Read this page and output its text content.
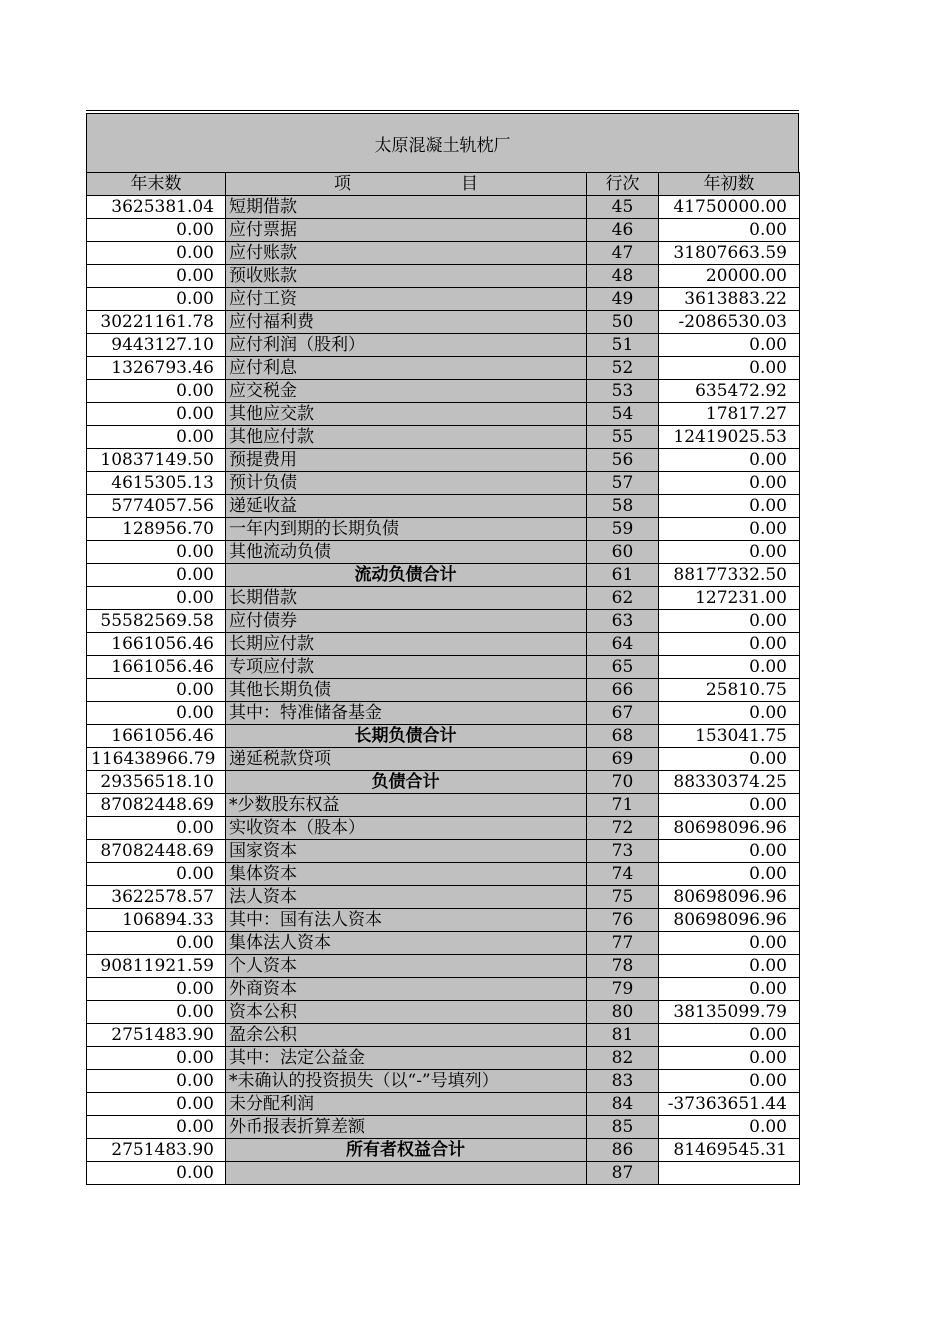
太原混凝土轨枕厂
年末数	项 目	行次	年初数
3625381.04	短期借款	45	41750000.00
0.00	应付票据	46	0.00
0.00	应付账款	47	31807663.59
0.00	预收账款	48	20000.00
0.00	应付工资	49	3613883.22
30221161.78	应付福利费	50	-2086530.03
9443127.10	应付利润（股利）	51	0.00
1326793.46	应付利息	52	0.00
0.00	应交税金	53	635472.92
0.00	其他应交款	54	17817.27
0.00	其他应付款	55	12419025.53
10837149.50	预提费用	56	0.00
4615305.13	预计负债	57	0.00
5774057.56	递延收益	58	0.00
128956.70	一年内到期的长期负债	59	0.00
0.00	其他流动负债	60	0.00
0.00	流动负债合计	61	88177332.50
0.00	长期借款	62	127231.00
55582569.58	应付债券	63	0.00
1661056.46	长期应付款	64	0.00
1661056.46	专项应付款	65	0.00
0.00	其他长期负债	66	25810.75
0.00	其中：特准储备基金	67	0.00
1661056.46	长期负债合计	68	153041.75
116438966.79	递延税款贷项	69	0.00
29356518.10	负债合计	70	88330374.25
87082448.69	*少数股东权益	71	0.00
0.00	实收资本（股本）	72	80698096.96
87082448.69	国家资本	73	0.00
0.00	集体资本	74	0.00
3622578.57	法人资本	75	80698096.96
106894.33	其中：国有法人资本	76	80698096.96
0.00	集体法人资本	77	0.00
90811921.59	个人资本	78	0.00
0.00	外商资本	79	0.00
0.00	资本公积	80	38135099.79
2751483.90	盈余公积	81	0.00
0.00	其中：法定公益金	82	0.00
0.00	*未确认的投资损失（以“-”号填列）	83	0.00
0.00	未分配利润	84	-37363651.44
0.00	外币报表折算差额	85	0.00
2751483.90	所有者权益合计	86	81469545.31
0.00		87	
